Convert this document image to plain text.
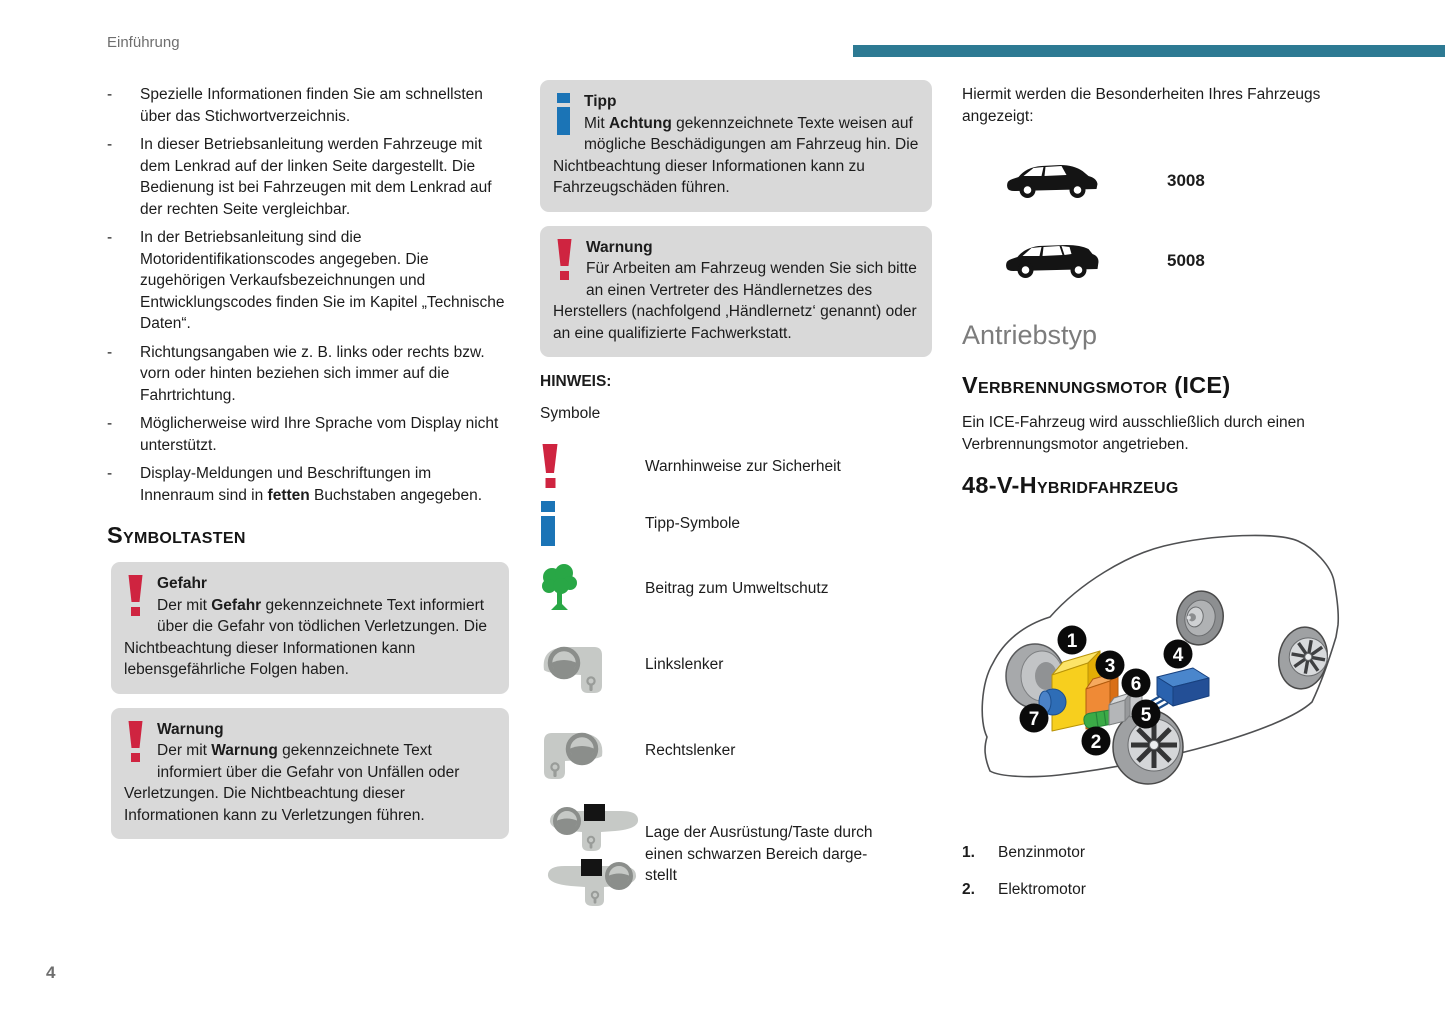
Einführung
4
-	Spezielle Informationen finden Sie am schnellsten über das Stichwortverzeichnis.
-	In dieser Betriebsanleitung werden Fahrzeuge mit dem Lenkrad auf der linken Seite dargestellt. Die Bedienung ist bei Fahrzeugen mit dem Lenkrad auf der rechten Seite vergleichbar.
-	In der Betriebsanleitung sind die Motoridentifikationscodes angegeben. Die zugehörigen Verkaufsbezeichnungen und Entwicklungscodes finden Sie im Kapitel „Technische Daten“.
-	Richtungsangaben wie z. B. links oder rechts bzw. vorn oder hinten beziehen sich immer auf die Fahrtrichtung.
-	Möglicherweise wird Ihre Sprache vom Display nicht unterstützt.
-	Display-Meldungen und Beschriftungen im Innenraum sind in fetten Buchstaben angegeben.
Symboltasten
Gefahr
Der mit Gefahr gekennzeichnete Text informiert über die Gefahr von tödlichen Verletzungen. Die Nichtbeachtung dieser Informationen kann lebensgefährliche Folgen haben.
Warnung
Der mit Warnung gekennzeichnete Text informiert über die Gefahr von Unfällen oder Verletzungen. Die Nichtbeachtung dieser Informationen kann zu Verletzungen führen.
Tipp
Mit Achtung gekennzeichnete Texte weisen auf mögliche Beschädigungen am Fahrzeug hin. Die Nichtbeachtung dieser Informationen kann zu Fahrzeugschäden führen.
Warnung
Für Arbeiten am Fahrzeug wenden Sie sich bitte an einen Vertreter des Händlernetzes des Herstellers (nachfolgend ‚Händlernetz‘ genannt) oder an eine qualifizierte Fachwerkstatt.
HINWEIS:
Symbole
Warnhinweise zur Sicherheit
Tipp-Symbole
Beitrag zum Umweltschutz
Linkslenker
Rechtslenker
Lage der Ausrüstung/Taste durch
einen schwarzen Bereich darge-
stellt
Hiermit werden die Besonderheiten Ihres Fahrzeugs angezeigt:
3008
5008
Antriebstyp
Verbrennungsmotor (ICE)
Ein ICE-Fahrzeug wird ausschließlich durch einen Verbrennungsmotor angetrieben.
48-V-Hybridfahrzeug
1
3
6
4
5
7
2
1.	Benzinmotor
2.	Elektromotor
